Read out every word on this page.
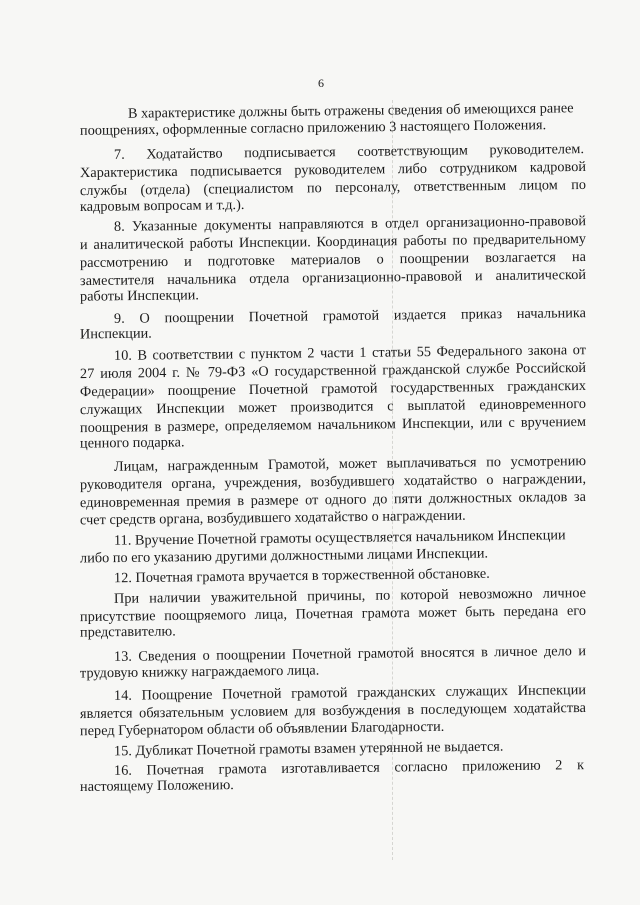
6
В характеристике должны быть отражены сведения об имеющихся ранее
поощрениях, оформленные согласно приложению 3 настоящего Положения.
7. Ходатайство подписывается соответствующим руководителем.
Характеристика подписывается руководителем либо сотрудником кадровой
службы (отдела) (специалистом по персоналу, ответственным лицом по
кадровым вопросам и т.д.).
8. Указанные документы направляются в отдел организационно-правовой
и аналитической работы Инспекции. Координация работы по предварительному
рассмотрению и подготовке материалов о поощрении возлагается на
заместителя начальника отдела организационно-правовой и аналитической
работы Инспекции.
9. О поощрении Почетной грамотой издается приказ начальника
Инспекции.
10. В соответствии с пунктом 2 части 1 статьи 55 Федерального закона от
27 июля 2004 г. № 79-ФЗ «О государственной гражданской службе Российской
Федерации» поощрение Почетной грамотой государственных гражданских
служащих Инспекции может производится с выплатой единовременного
поощрения в размере, определяемом начальником Инспекции, или с вручением
ценного подарка.
Лицам, награжденным Грамотой, может выплачиваться по усмотрению
руководителя органа, учреждения, возбудившего ходатайство о награждении,
единовременная премия в размере от одного до пяти должностных окладов за
счет средств органа, возбудившего ходатайство о награждении.
11. Вручение Почетной грамоты осуществляется начальником Инспекции
либо по его указанию другими должностными лицами Инспекции.
12. Почетная грамота вручается в торжественной обстановке.
При наличии уважительной причины, по которой невозможно личное
присутствие поощряемого лица, Почетная грамота может быть передана его
представителю.
13. Сведения о поощрении Почетной грамотой вносятся в личное дело и
трудовую книжку награждаемого лица.
14. Поощрение Почетной грамотой гражданских служащих Инспекции
является обязательным условием для возбуждения в последующем ходатайства
перед Губернатором области об объявлении Благодарности.
15. Дубликат Почетной грамоты взамен утерянной не выдается.
16. Почетная грамота изготавливается согласно приложению 2 к
настоящему Положению.
